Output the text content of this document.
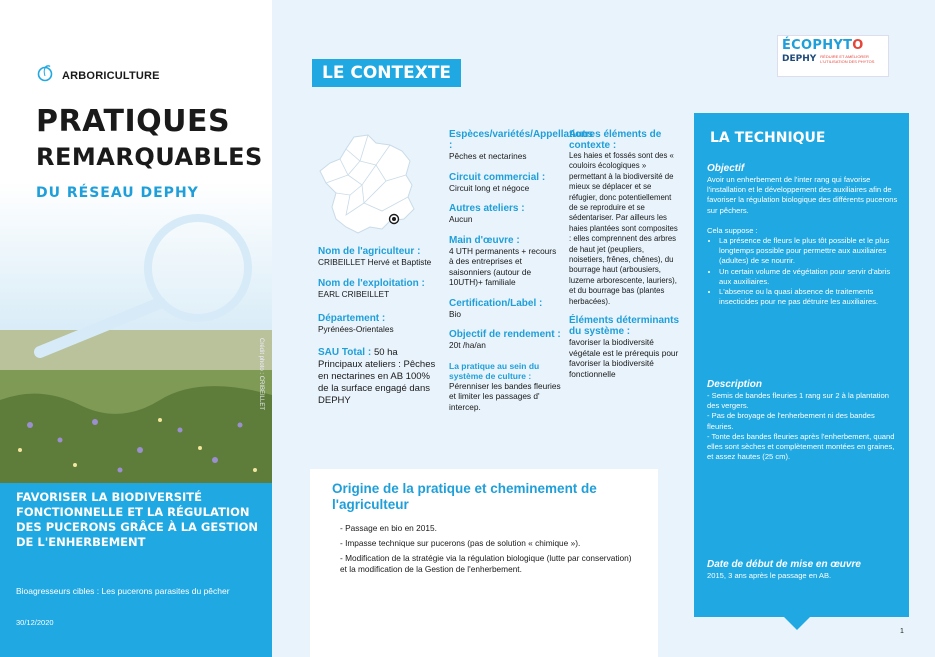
ARBORICULTURE
PRATIQUES
REMARQUABLES
DU RÉSEAU DEPHY
Crédit photo : CRIBEILLET
FAVORISER LA BIODIVERSITÉ FONCTIONNELLE ET LA RÉGULATION DES PUCERONS GRÂCE À LA GESTION DE L'ENHERBEMENT
Bioagresseurs cibles : Les pucerons parasites du pêcher
30/12/2020
LE CONTEXTE
ÉCOPHYTO
DEPHY RÉDUIRE ET AMÉLIORER L'UTILISATION DES PHYTOS
Nom de l'agriculteur :
CRIBEILLET Hervé et Baptiste
Nom de l'exploitation :
EARL CRIBEILLET
Département :
Pyrénées-Orientales
SAU Total : 50 ha
Principaux ateliers : Pêches en nectarines en AB 100% de la surface engagé dans DEPHY
Espèces/variétés/Appellations :
Pêches et nectarines
Circuit commercial :
Circuit long et négoce
Autres ateliers :
Aucun
Main d'œuvre :
4 UTH permanents + recours à des entreprises et saisonniers (autour de 10UTH)+ familiale
Certification/Label :
Bio
Objectif de rendement :
20t /ha/an
La pratique au sein du système de culture :
Pérenniser les bandes fleuries et limiter les passages d' intercep.
Autres éléments de contexte :
Les haies et fossés sont des « couloirs écologiques » permettant à la biodiversité de mieux se déplacer et se réfugier, donc potentiellement de se reproduire et se sédentariser. Par ailleurs les haies plantées sont composites : elles comprennent des arbres de haut jet (peupliers, noisetiers, frênes, chênes), du bourrage haut (arbousiers, luzerne arborescente, lauriers), et du bourrage bas (plantes herbacées).
Éléments déterminants du système :
favoriser la biodiversité végétale est le prérequis pour favoriser la biodiversité fonctionnelle
LA TECHNIQUE
Objectif
Avoir un enherbement de l'inter rang qui favorise l'installation et le développement des auxiliaires afin de favoriser la régulation biologique des différents pucerons sur pêchers.
Cela suppose :
• La présence de fleurs le plus tôt possible et le plus longtemps possible pour permettre aux auxiliaires (adultes) de se nourrir.
• Un certain volume de végétation pour servir d'abris aux auxiliaires.
• L'absence ou la quasi absence de traitements insecticides pour ne pas détruire les auxiliaires.
Description
- Semis de bandes fleuries 1 rang sur 2 à la plantation des vergers.
- Pas de broyage de l'enherbement ni des bandes fleuries.
- Tonte des bandes fleuries après l'enherbement, quand elles sont sèches et complètement montées en graines, et assez hautes (25 cm).
Date de début de mise en œuvre
2015, 3 ans après le passage en AB.
Origine de la pratique et cheminement de l'agriculteur
- Passage en bio en 2015.
- Impasse technique sur pucerons (pas de solution « chimique »).
- Modification de la stratégie via la régulation biologique (lutte par conservation) et la modification de la Gestion de l'enherbement.
1
